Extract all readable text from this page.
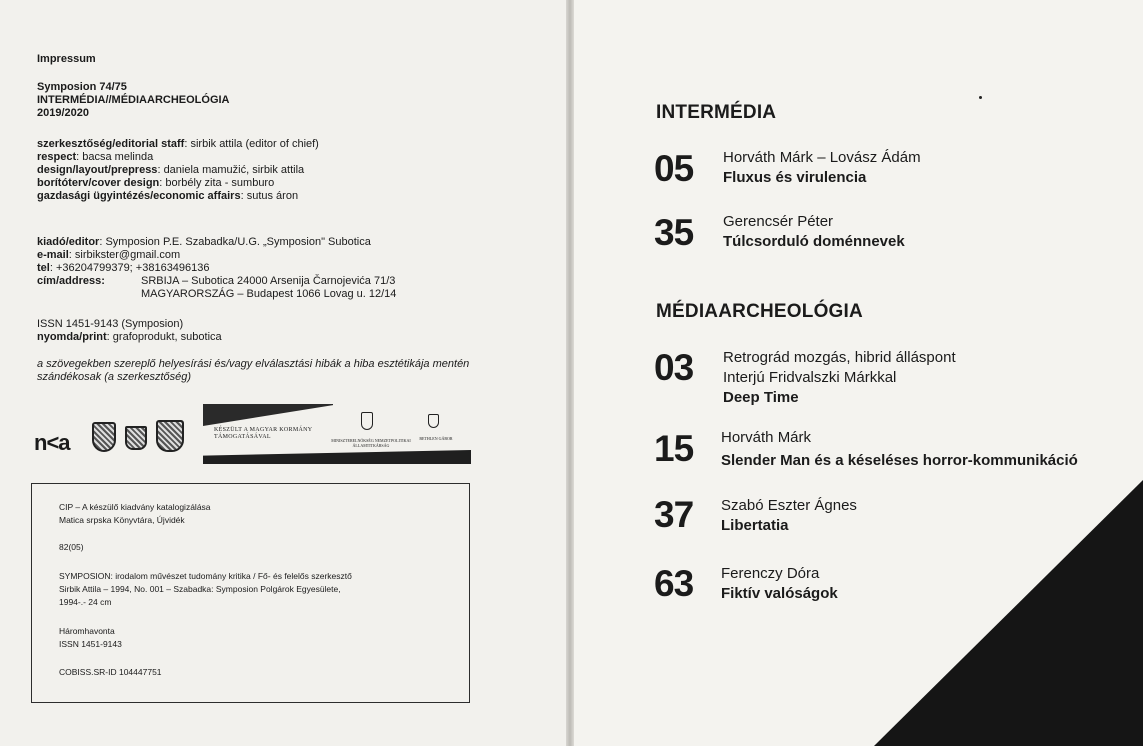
Impressum
Symposion 74/75
INTERMÉDIA//MÉDIAARCHEOLÓGIA
2019/2020
szerkesztőség/editorial staff: sirbik attila (editor of chief)
respect: bacsa melinda
design/layout/prepress: daniela mamužić, sirbik attila
borítóterv/cover design: borbély zita - sumburo
gazdasági ügyintézés/economic affairs: sutus áron
kiadó/editor: Symposion P.E. Szabadka/U.G. „Symposion" Subotica
e-mail: sirbikster@gmail.com
tel: +36204799379; +38163496136
cím/address:	SRBIJA – Subotica 24000 Arsenija Čarnojevića 71/3
MAGYARORSZÁG – Budapest 1066 Lovag u. 12/14
ISSN 1451-9143 (Symposion)
nyomda/print: grafoprodukt, subotica
a szövegekben szereplő helyesírási és/vagy elválasztási hibák a hiba esztétikája mentén szándékosak (a szerkesztőség)
n<a	KÉSZÜLT A MAGYAR KORMÁNY TÁMOGATÁSÁVAL
MINISZTERELNÖKSÉG NEMZETPOLITIKAI ÁLLAMTITKÁRSÁG
BETHLEN GÁBOR
CIP – A készülő kiadvány katalogizálása
Matica srpska Könyvtára, Újvidék
82(05)
SYMPOSION: irodalom művészet tudomány kritika / Fő- és felelős szerkesztő
Sirbik Attila – 1994, No. 001 – Szabadka: Symposion Polgárok Egyesülete,
1994-.- 24 cm
Háromhavonta
ISSN 1451-9143
COBISS.SR-ID 104447751
INTERMÉDIA
05 Horváth Márk – Lovász Ádám
Fluxus és virulencia
35 Gerencsér Péter
Túlcsorduló doménnevek
MÉDIAARCHEOLÓGIA
03 Retrográd mozgás, hibrid álláspont
Interjú Fridvalszki Márkkal
Deep Time
15 Horváth Márk
Slender Man és a késeléses horror-kommunikáció
37 Szabó Eszter Ágnes
Libertatia
63 Ferenczy Dóra
Fiktív valóságok
